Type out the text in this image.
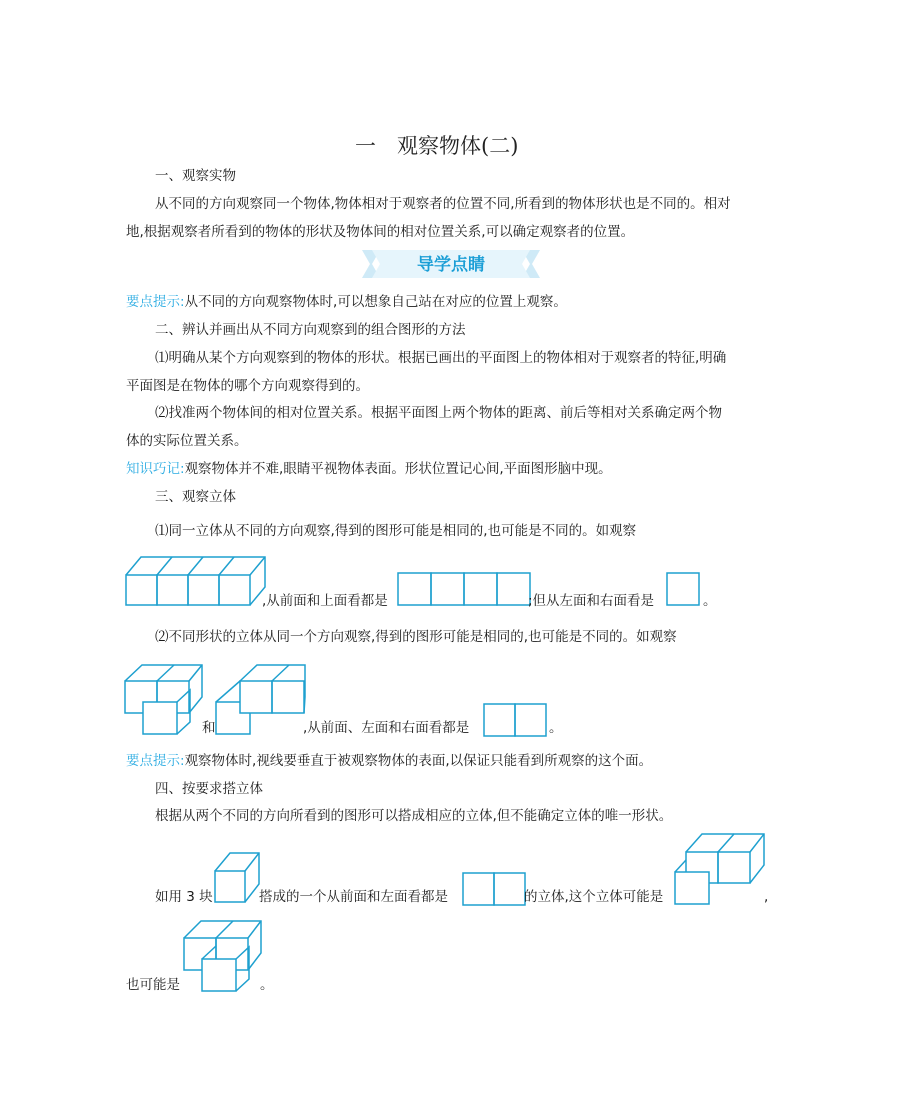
一　观察物体(二)
一、观察实物
从不同的方向观察同一个物体,物体相对于观察者的位置不同,所看到的物体形状也是不同的。相对
地,根据观察者所看到的物体的形状及物体间的相对位置关系,可以确定观察者的位置。
导学点睛
要点提示:从不同的方向观察物体时,可以想象自己站在对应的位置上观察。
二、辨认并画出从不同方向观察到的组合图形的方法
⑴明确从某个方向观察到的物体的形状。根据已画出的平面图上的物体相对于观察者的特征,明确
平面图是在物体的哪个方向观察得到的。
⑵找准两个物体间的相对位置关系。根据平面图上两个物体的距离、前后等相对关系确定两个物
体的实际位置关系。
知识巧记:观察物体并不难,眼睛平视物体表面。形状位置记心间,平面图形脑中现。
三、观察立体
⑴同一立体从不同的方向观察,得到的图形可能是相同的,也可能是不同的。如观察
,从前面和上面看都是	;但从左面和右面看是	。
⑵不同形状的立体从同一个方向观察,得到的图形可能是相同的,也可能是不同的。如观察
和	,从前面、左面和右面看都是	。
要点提示:观察物体时,视线要垂直于被观察物体的表面,以保证只能看到所观察的这个面。
四、按要求搭立体
根据从两个不同的方向所看到的图形可以搭成相应的立体,但不能确定立体的唯一形状。
如用 3 块	搭成的一个从前面和左面看都是	的立体,这个立体可能是	,
也可能是	。
